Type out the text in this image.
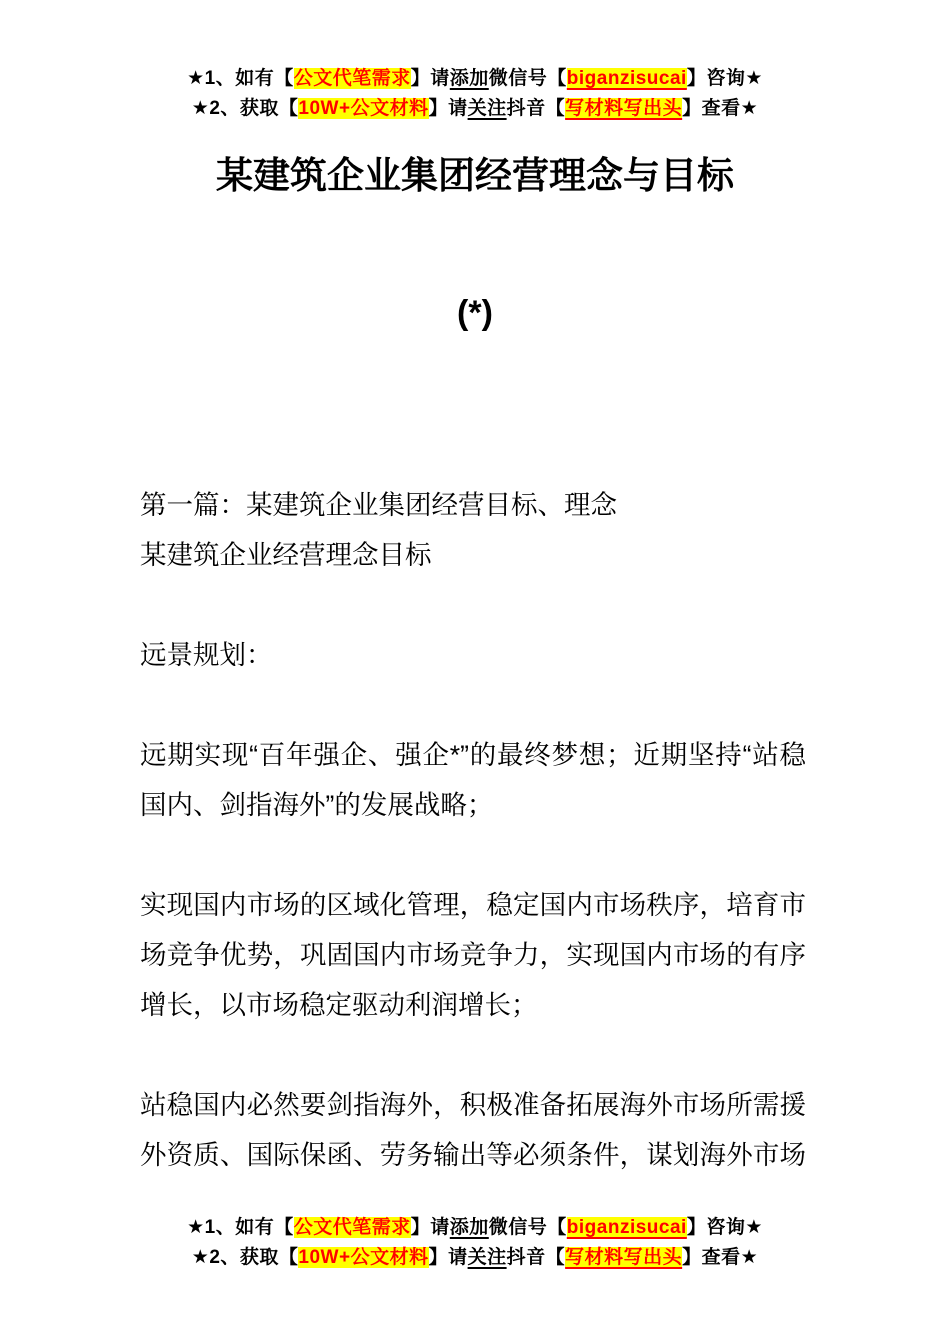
★1、如有【公文代笔需求】请添加微信号【biganzisucai】咨询★
★2、获取【10W+公文材料】请关注抖音【写材料写出头】查看★
某建筑企业集团经营理念与目标
(*)

第一篇：某建筑企业集团经营目标、理念

某建筑企业经营理念目标

远景规划：

远期实现“百年强企、强企*”的最终梦想；近期坚持“站稳国内、剑指海外”的发展战略；

实现国内市场的区域化管理，稳定国内市场秩序，培育市场竞争优势，巩固国内市场竞争力，实现国内市场的有序增长，以市场稳定驱动利润增长；

站稳国内必然要剑指海外，积极准备拓展海外市场所需援外资质、国际保函、劳务输出等必须条件，谋划海外市场

★1、如有【公文代笔需求】请添加微信号【biganzisucai】咨询★
★2、获取【10W+公文材料】请关注抖音【写材料写出头】查看★
